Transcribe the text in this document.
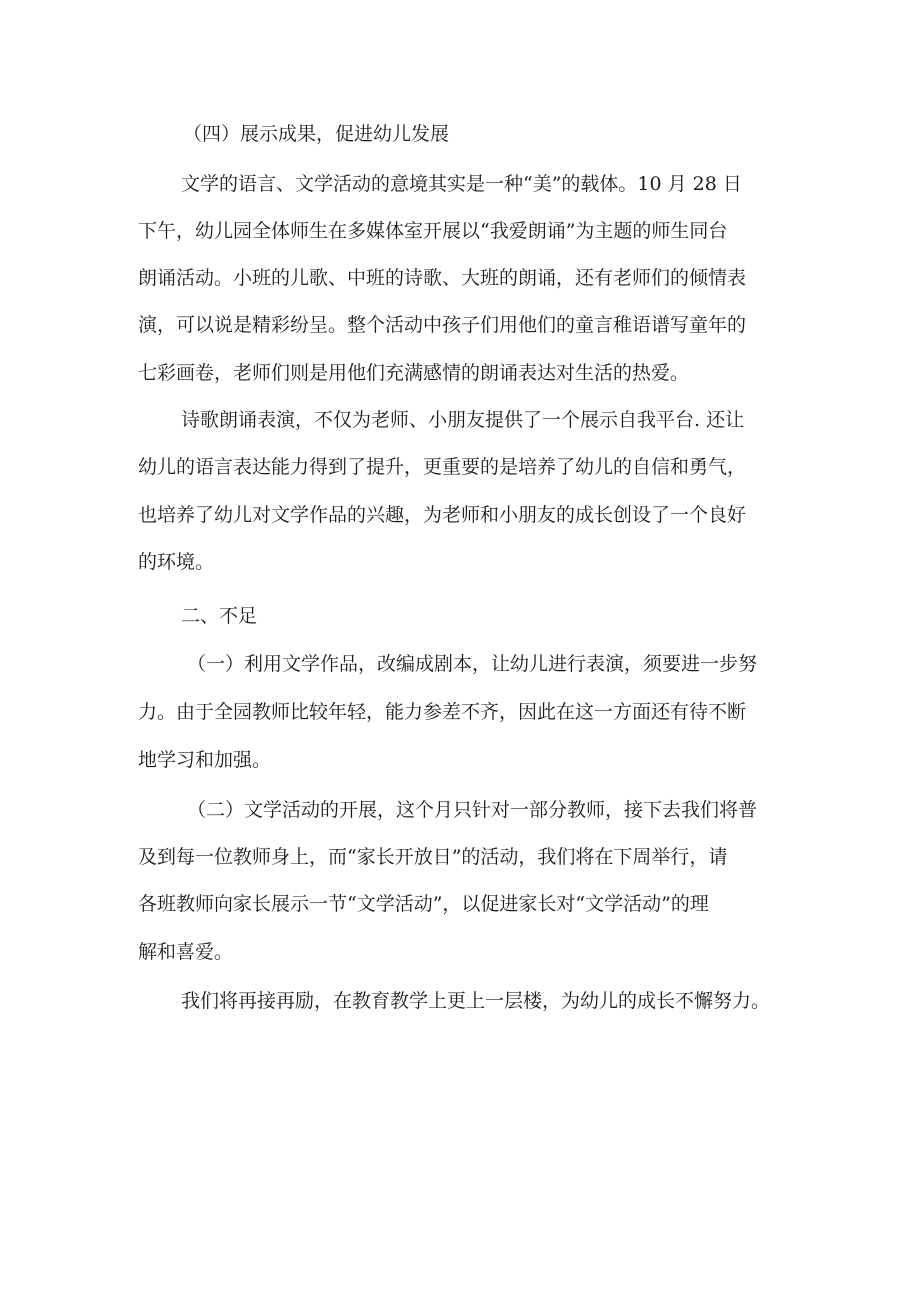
（四）展示成果，促进幼儿发展
文学的语言、文学活动的意境其实是一种“美”的载体。10 月 28 日
下午，幼儿园全体师生在多媒体室开展以“我爱朗诵”为主题的师生同台
朗诵活动。小班的儿歌、中班的诗歌、大班的朗诵，还有老师们的倾情表
演，可以说是精彩纷呈。整个活动中孩子们用他们的童言稚语谱写童年的
七彩画卷，老师们则是用他们充满感情的朗诵表达对生活的热爱。
诗歌朗诵表演，不仅为老师、小朋友提供了一个展示自我平台. 还让
幼儿的语言表达能力得到了提升，更重要的是培养了幼儿的自信和勇气，
也培养了幼儿对文学作品的兴趣，为老师和小朋友的成长创设了一个良好
的环境。
二、不足
（一）利用文学作品，改编成剧本，让幼儿进行表演，须要进一步努
力。由于全园教师比较年轻，能力参差不齐，因此在这一方面还有待不断
地学习和加强。
（二）文学活动的开展，这个月只针对一部分教师，接下去我们将普
及到每一位教师身上，而“家长开放日”的活动，我们将在下周举行，请
各班教师向家长展示一节“文学活动”，以促进家长对“文学活动”的理
解和喜爱。
我们将再接再励，在教育教学上更上一层楼，为幼儿的成长不懈努力。
